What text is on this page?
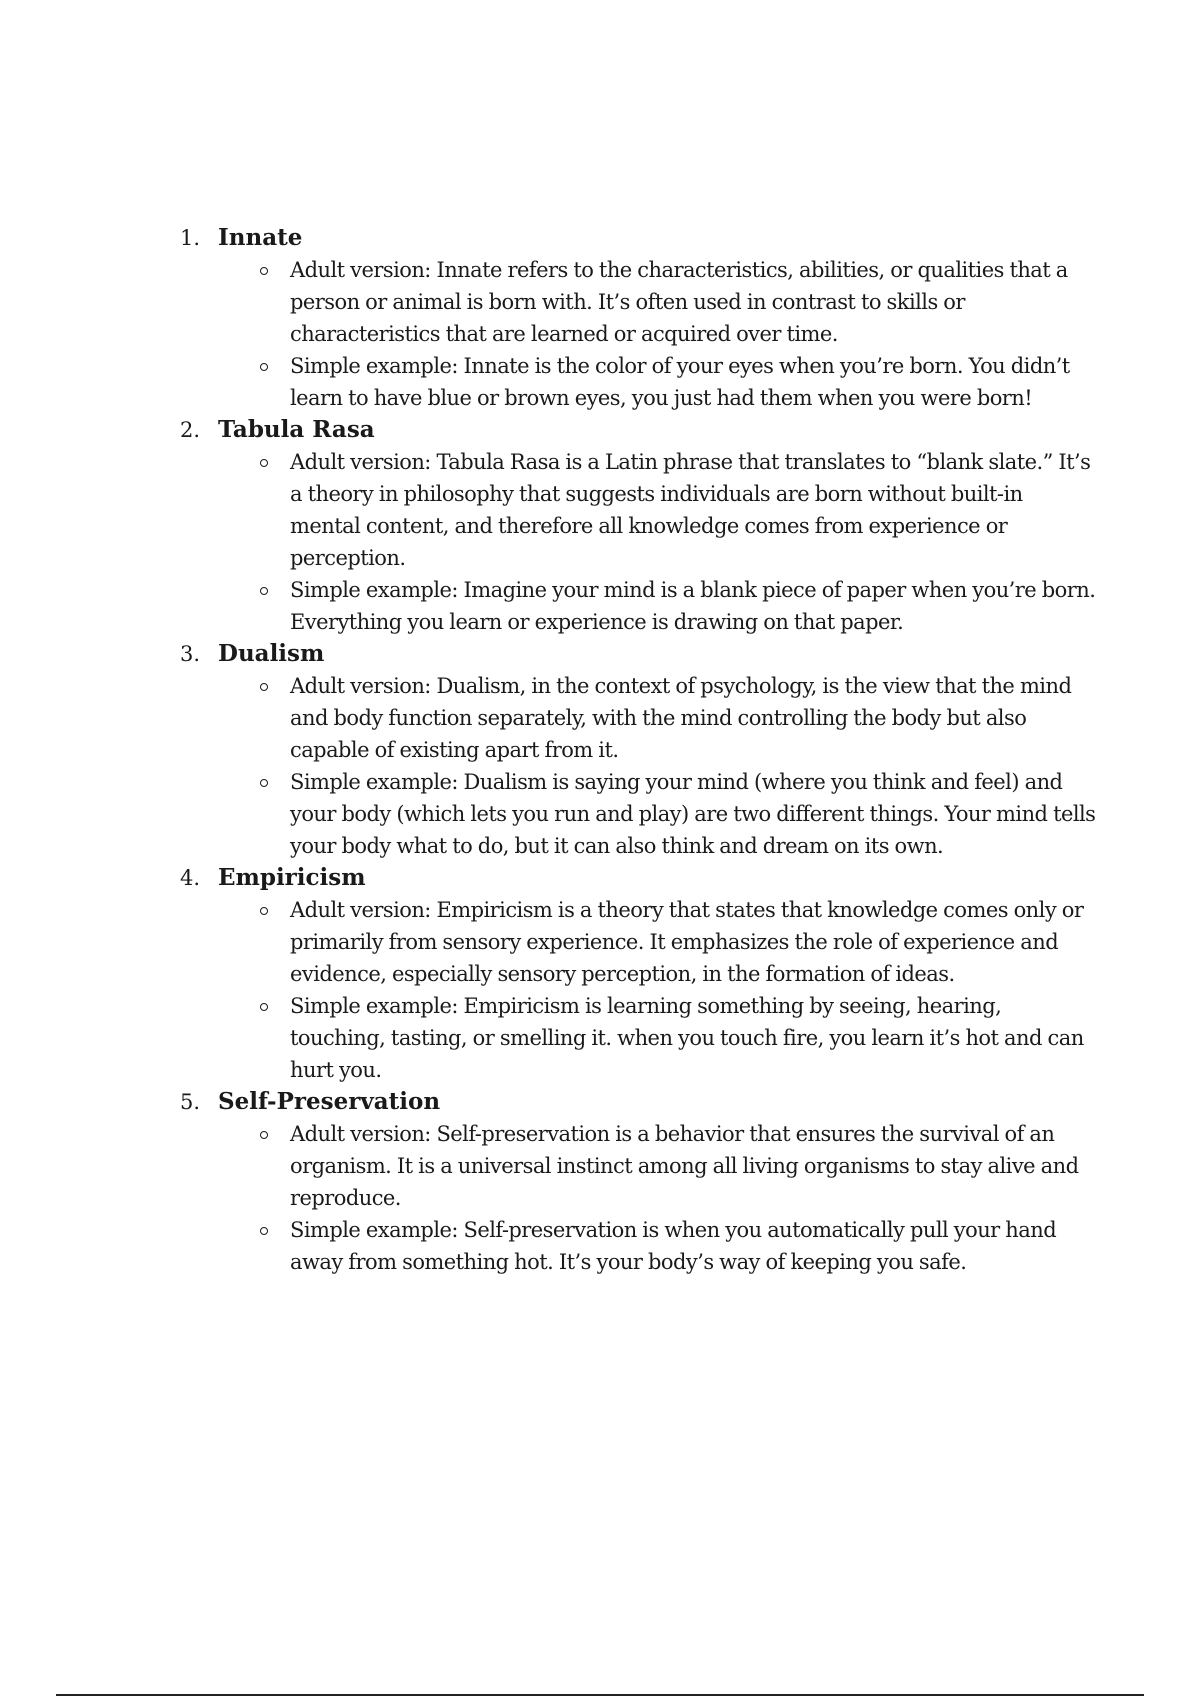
1. Innate
Adult version: Innate refers to the characteristics, abilities, or qualities that a person or animal is born with. It’s often used in contrast to skills or characteristics that are learned or acquired over time.
Simple example: Innate is the color of your eyes when you’re born. You didn’t learn to have blue or brown eyes, you just had them when you were born!
2. Tabula Rasa
Adult version: Tabula Rasa is a Latin phrase that translates to “blank slate.” It’s a theory in philosophy that suggests individuals are born without built-in mental content, and therefore all knowledge comes from experience or perception.
Simple example: Imagine your mind is a blank piece of paper when you’re born. Everything you learn or experience is drawing on that paper.
3. Dualism
Adult version: Dualism, in the context of psychology, is the view that the mind and body function separately, with the mind controlling the body but also capable of existing apart from it.
Simple example: Dualism is saying your mind (where you think and feel) and your body (which lets you run and play) are two different things. Your mind tells your body what to do, but it can also think and dream on its own.
4. Empiricism
Adult version: Empiricism is a theory that states that knowledge comes only or primarily from sensory experience. It emphasizes the role of experience and evidence, especially sensory perception, in the formation of ideas.
Simple example: Empiricism is learning something by seeing, hearing, touching, tasting, or smelling it. when you touch fire, you learn it’s hot and can hurt you.
5. Self-Preservation
Adult version: Self-preservation is a behavior that ensures the survival of an organism. It is a universal instinct among all living organisms to stay alive and reproduce.
Simple example: Self-preservation is when you automatically pull your hand away from something hot. It’s your body’s way of keeping you safe.
